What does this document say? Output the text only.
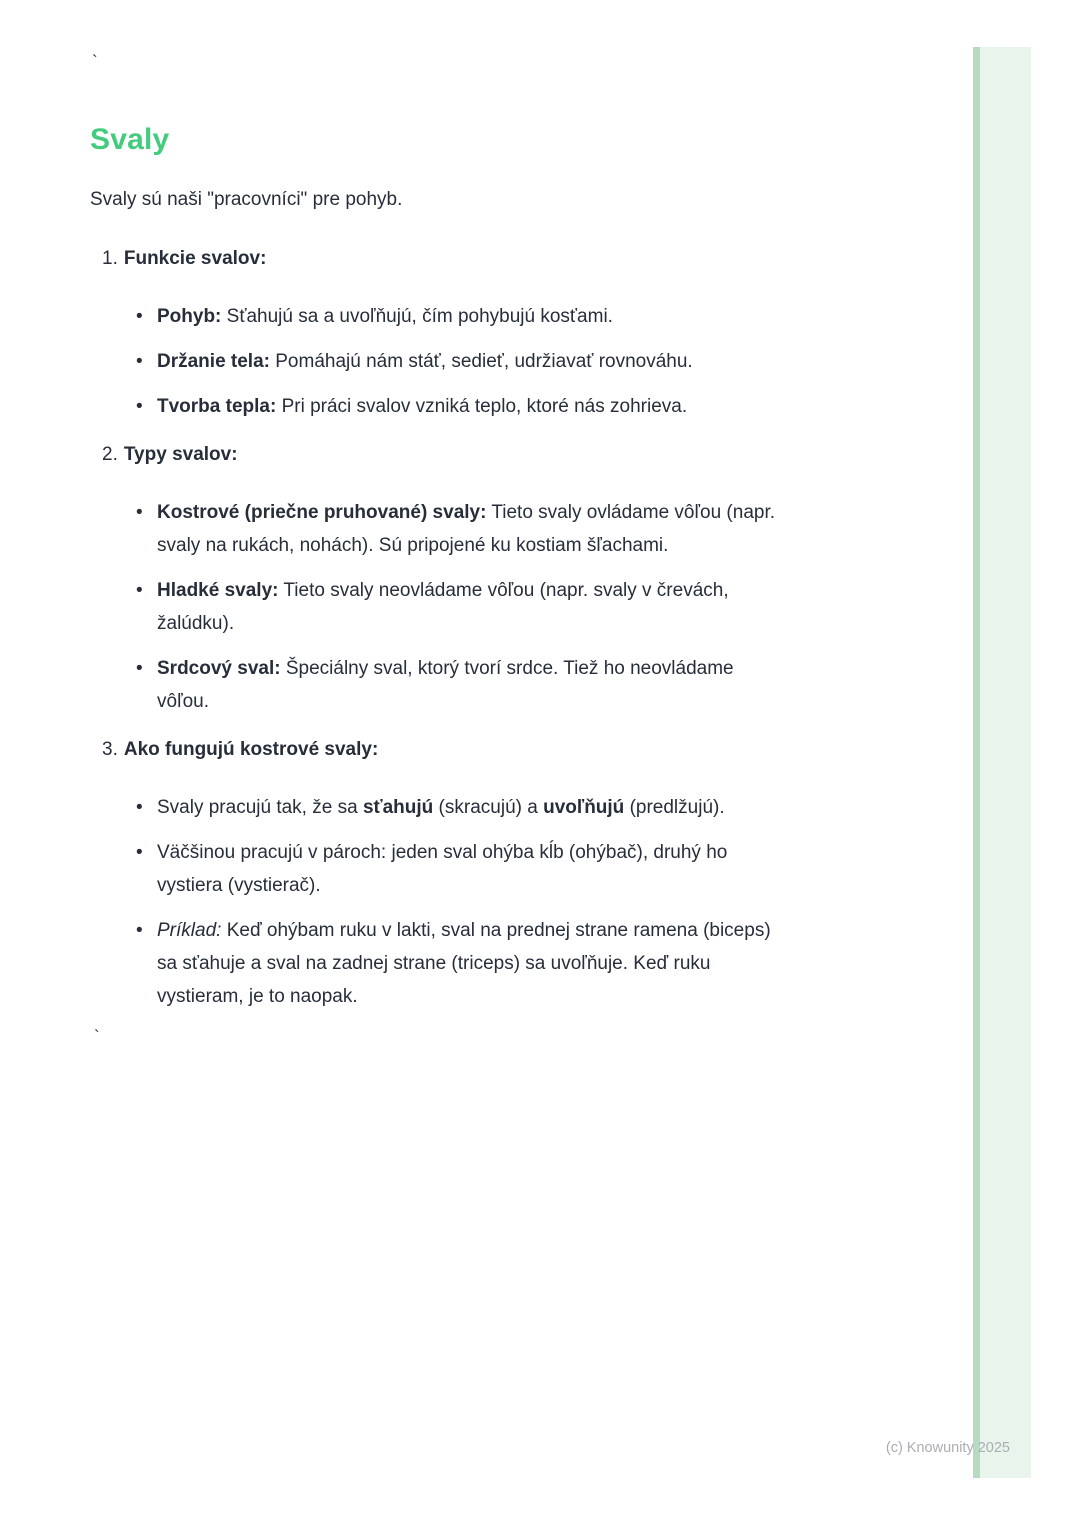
`
Svaly

Svaly sú naši "pracovníci" pre pohyb.

1. Funkcie svalov:
• Pohyb: Sťahujú sa a uvoľňujú, čím pohybujú kosťami.
• Držanie tela: Pomáhajú nám stáť, sedieť, udržiavať rovnováhu.
• Tvorba tepla: Pri práci svalov vzniká teplo, ktoré nás zohrieva.
2. Typy svalov:
• Kostrové (priečne pruhované) svaly: Tieto svaly ovládame vôľou (napr. svaly na rukách, nohách). Sú pripojené ku kostiam šľachami.
• Hladké svaly: Tieto svaly neovládame vôľou (napr. svaly v črevách, žalúdku).
• Srdcový sval: Špeciálny sval, ktorý tvorí srdce. Tiež ho neovládame vôľou.
3. Ako fungujú kostrové svaly:
• Svaly pracujú tak, že sa sťahujú (skracujú) a uvoľňujú (predlžujú).
• Väčšinou pracujú v pároch: jeden sval ohýba kĺb (ohýbač), druhý ho vystiera (vystierač).
• Príklad: Keď ohýbam ruku v lakti, sval na prednej strane ramena (biceps) sa sťahuje a sval na zadnej strane (triceps) sa uvoľňuje. Keď ruku vystieram, je to naopak.
`
(c) Knowunity 2025
